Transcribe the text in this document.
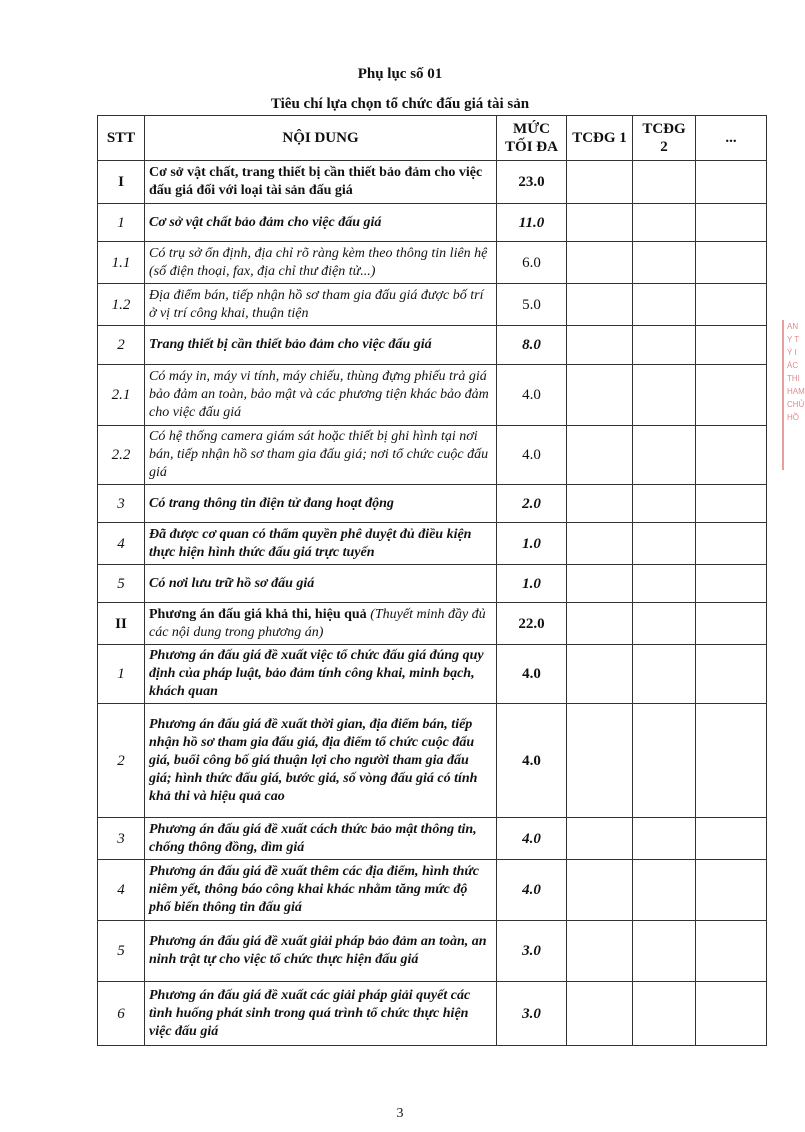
Phụ lục số 01
Tiêu chí lựa chọn tổ chức đấu giá tài sản
STT	NỘI DUNG	MỨC TỐI ĐA	TCĐG 1	TCĐG 2	...
I	Cơ sở vật chất, trang thiết bị cần thiết bảo đảm cho việc đấu giá đối với loại tài sản đấu giá	23.0			
1	Cơ sở vật chất bảo đảm cho việc đấu giá	11.0			
1.1	Có trụ sở ổn định, địa chỉ rõ ràng kèm theo thông tin liên hệ (số điện thoại, fax, địa chỉ thư điện tử...)	6.0			
1.2	Địa điểm bán, tiếp nhận hồ sơ tham gia đấu giá được bố trí ở vị trí công khai, thuận tiện	5.0			
2	Trang thiết bị cần thiết bảo đảm cho việc đấu giá	8.0			
2.1	Có máy in, máy vi tính, máy chiếu, thùng đựng phiếu trả giá bảo đảm an toàn, bảo mật và các phương tiện khác bảo đảm cho việc đấu giá	4.0			
2.2	Có hệ thống camera giám sát hoặc thiết bị ghi hình tại nơi bán, tiếp nhận hồ sơ tham gia đấu giá; nơi tổ chức cuộc đấu giá	4.0			
3	Có trang thông tin điện tử đang hoạt động	2.0			
4	Đã được cơ quan có thẩm quyền phê duyệt đủ điều kiện thực hiện hình thức đấu giá trực tuyến	1.0			
5	Có nơi lưu trữ hồ sơ đấu giá	1.0			
II	Phương án đấu giá khả thi, hiệu quả (Thuyết minh đầy đủ các nội dung trong phương án)	22.0			
1	Phương án đấu giá đề xuất việc tổ chức đấu giá đúng quy định của pháp luật, bảo đảm tính công khai, minh bạch, khách quan	4.0			
2	Phương án đấu giá đề xuất thời gian, địa điểm bán, tiếp nhận hồ sơ tham gia đấu giá, địa điểm tổ chức cuộc đấu giá, buổi công bố giá thuận lợi cho người tham gia đấu giá; hình thức đấu giá, bước giá, số vòng đấu giá có tính khả thi và hiệu quả cao	4.0			
3	Phương án đấu giá đề xuất cách thức bảo mật thông tin, chống thông đồng, dìm giá	4.0			
4	Phương án đấu giá đề xuất thêm các địa điểm, hình thức niêm yết, thông báo công khai khác nhằm tăng mức độ phổ biến thông tin đấu giá	4.0			
5	Phương án đấu giá đề xuất giải pháp bảo đảm an toàn, an ninh trật tự cho việc tổ chức thực hiện đấu giá	3.0			
6	Phương án đấu giá đề xuất các giải pháp giải quyết các tình huống phát sinh trong quá trình tổ chức thực hiện việc đấu giá	3.0			
AN
Y T
Ý I
ÁC
THI
HAM
CHỦ
HỒ
3
